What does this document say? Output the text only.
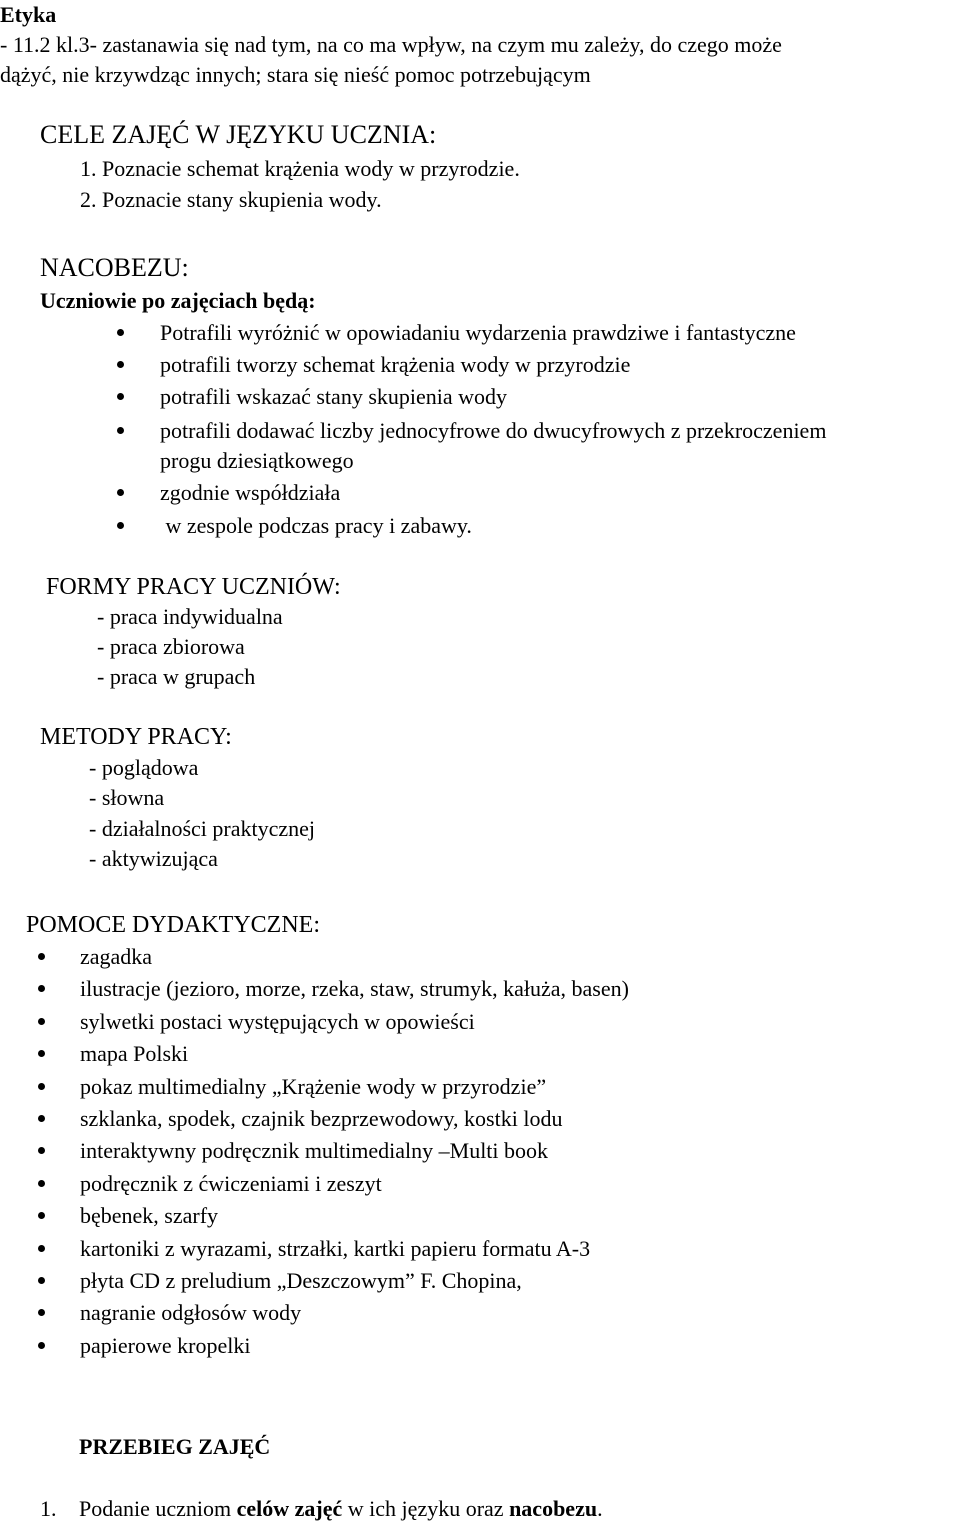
Etyka
- 11.2 kl.3- zastanawia się nad tym, na co ma wpływ, na czym mu zależy, do czego może
dążyć, nie krzywdząc innych; stara się nieść pomoc potrzebującym
CELE ZAJĘĆ W JĘZYKU UCZNIA:
1. Poznacie schemat krążenia wody w przyrodzie.
2. Poznacie stany skupienia wody.
NACOBEZU:
Uczniowie po zajęciach będą:
Potrafili wyróżnić w opowiadaniu wydarzenia prawdziwe i fantastyczne
potrafili tworzy schemat krążenia wody w przyrodzie
potrafili wskazać stany skupienia wody
potrafili dodawać liczby jednocyfrowe do dwucyfrowych z przekroczeniem
progu dziesiątkowego
zgodnie współdziała
w zespole podczas pracy i zabawy.
FORMY PRACY UCZNIÓW:
- praca indywidualna
- praca zbiorowa
- praca w grupach
METODY PRACY:
- poglądowa
- słowna
- działalności praktycznej
- aktywizująca
POMOCE DYDAKTYCZNE:
zagadka
ilustracje (jezioro, morze, rzeka, staw, strumyk, kałuża, basen)
sylwetki postaci występujących w opowieści
mapa Polski
pokaz multimedialny „Krążenie wody w przyrodzie”
szklanka, spodek, czajnik bezprzewodowy, kostki lodu
interaktywny podręcznik multimedialny –Multi book
podręcznik z ćwiczeniami i zeszyt
bębenek, szarfy
kartoniki z wyrazami, strzałki, kartki papieru formatu A-3
płyta CD z preludium „Deszczowym” F. Chopina,
nagranie odgłosów wody
papierowe kropelki
PRZEBIEG ZAJĘĆ
1. Podanie uczniom celów zajęć w ich języku oraz nacobezu.
